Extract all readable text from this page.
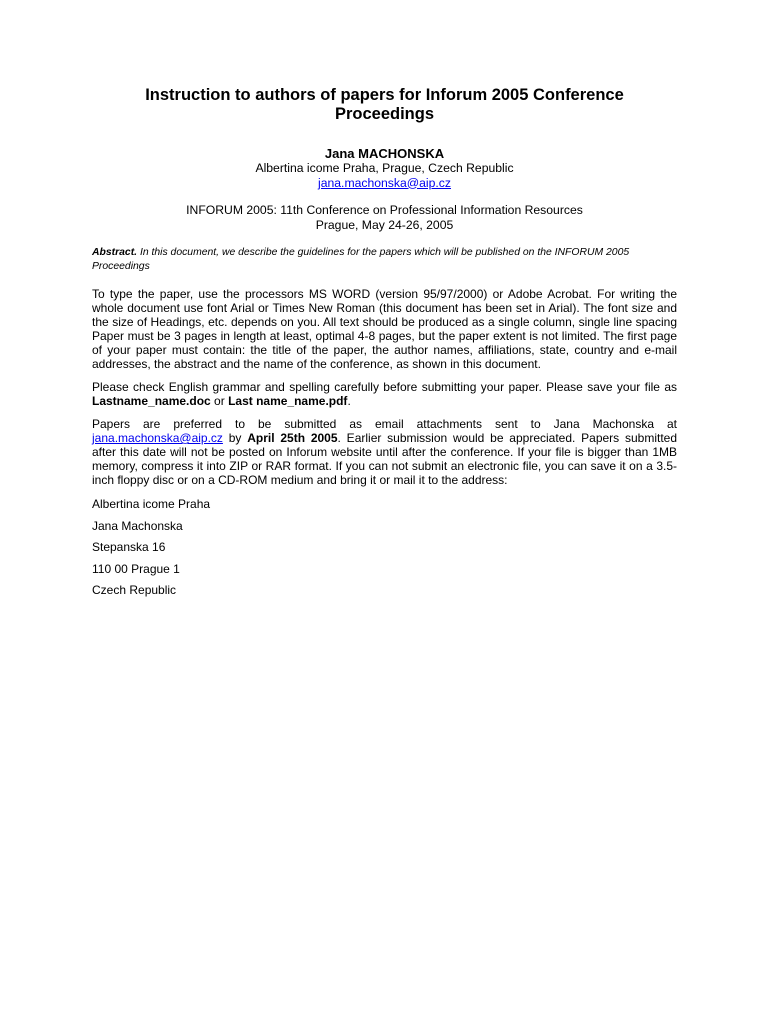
Instruction to authors of papers for Inforum 2005 Conference Proceedings
Jana MACHONSKA
Albertina icome Praha, Prague, Czech Republic
jana.machonska@aip.cz
INFORUM 2005: 11th Conference on Professional Information Resources
Prague, May 24-26, 2005
Abstract. In this document, we describe the guidelines for the papers which will be published on the INFORUM 2005 Proceedings
To type the paper, use the processors MS WORD (version 95/97/2000) or Adobe Acrobat. For writing the whole document use font Arial or Times New Roman (this document has been set in Arial). The font size and the size of Headings, etc. depends on you. All text should be produced as a single column, single line spacing Paper must be 3 pages in length at least, optimal 4-8 pages, but the paper extent is not limited. The first page of your paper must contain: the title of the paper, the author names, affiliations, state, country and e-mail addresses, the abstract and the name of the conference, as shown in this document.
Please check English grammar and spelling carefully before submitting your paper. Please save your file as Lastname_name.doc or Last name_name.pdf.
Papers are preferred to be submitted as email attachments sent to Jana Machonska at jana.machonska@aip.cz by April 25th 2005. Earlier submission would be appreciated. Papers submitted after this date will not be posted on Inforum website until after the conference. If your file is bigger than 1MB memory, compress it into ZIP or RAR format. If you can not submit an electronic file, you can save it on a 3.5-inch floppy disc or on a CD-ROM medium and bring it or mail it to the address:
Albertina icome Praha
Jana Machonska
Stepanska 16
110 00 Prague 1
Czech Republic
